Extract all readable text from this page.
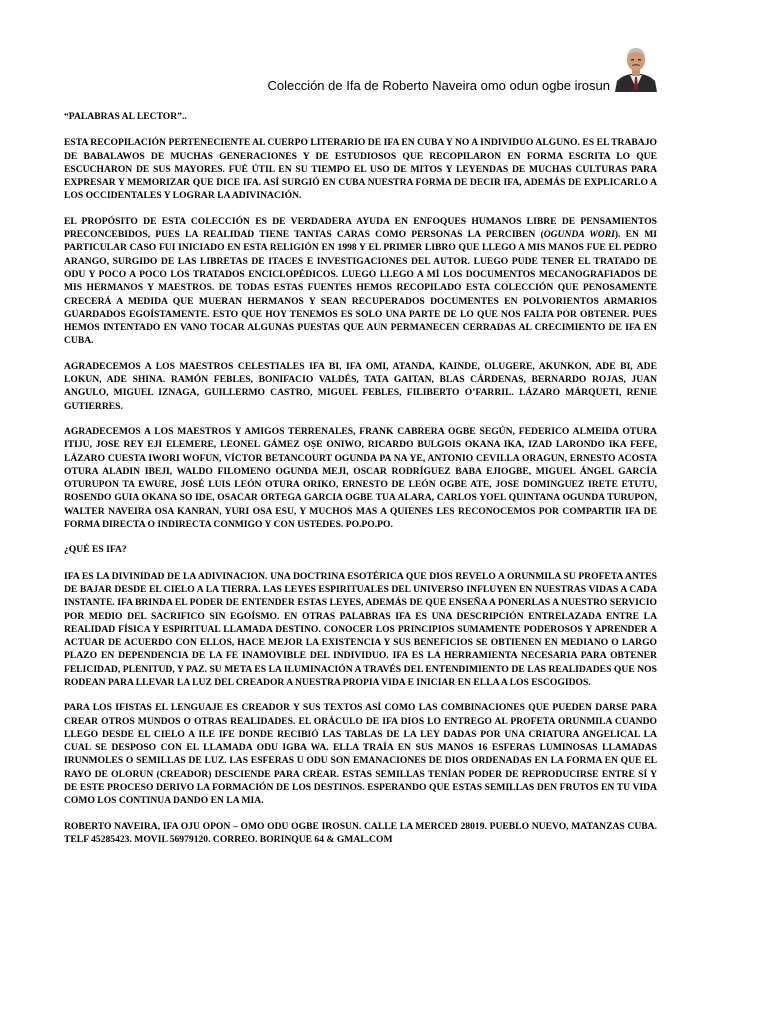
Colección de Ifa de Roberto Naveira omo odun ogbe irosun

“PALABRAS AL LECTOR”..

ESTA RECOPILACIÓN PERTENECIENTE AL CUERPO LITERARIO DE IFA EN CUBA Y NO A INDIVIDUO ALGUNO. ES EL TRABAJO DE BABALAWOS DE MUCHAS GENERACIONES Y DE ESTUDIOSOS QUE RECOPILARON EN FORMA ESCRITA LO QUE ESCUCHARON DE SUS MAYORES. FUÉ ÚTIL EN SU TIEMPO EL USO DE MITOS Y LEYENDAS DE MUCHAS CULTURAS PARA EXPRESAR Y MEMORIZAR QUE DICE IFA. ASÍ SURGIÓ EN CUBA NUESTRA FORMA DE DECIR IFA, ADEMÁS DE EXPLICARLO A LOS OCCIDENTALES Y LOGRAR LA ADIVINACIÓN.

EL PROPÓSITO DE ESTA COLECCIÓN ES DE VERDADERA AYUDA EN ENFOQUES HUMANOS LIBRE DE PENSAMIENTOS PRECONCEBIDOS, PUES LA REALIDAD TIENE TANTAS CARAS COMO PERSONAS LA PERCIBEN (OGUNDA WORI). EN MI PARTICULAR CASO FUI INICIADO EN ESTA RELIGIÓN EN 1998 Y EL PRIMER LIBRO QUE LLEGO A MIS MANOS FUE EL PEDRO ARANGO, SURGIDO DE LAS LIBRETAS DE ITACES E INVESTIGACIONES DEL AUTOR. LUEGO PUDE TENER EL TRATADO DE ODU Y POCO A POCO LOS TRATADOS ENCICLOPÉDICOS. LUEGO LLEGO A MÍ LOS DOCUMENTOS MECANOGRAFIADOS DE MIS HERMANOS Y MAESTROS. DE TODAS ESTAS FUENTES HEMOS RECOPILADO ESTA COLECCIÓN QUE PENOSAMENTE CRECERÁ A MEDIDA QUE MUERAN HERMANOS Y SEAN RECUPERADOS DOCUMENTES EN POLVORIENTOS ARMARIOS GUARDADOS EGOÍSTAMENTE. ESTO QUE HOY TENEMOS ES SOLO UNA PARTE DE LO QUE NOS FALTA POR OBTENER. PUES HEMOS INTENTADO EN VANO TOCAR ALGUNAS PUESTAS QUE AUN PERMANECEN CERRADAS AL CRECIMIENTO DE IFA EN CUBA.

AGRADECEMOS A LOS MAESTROS CELESTIALES IFA BI, IFA OMI, ATANDA, KAINDE, OLUGERE, AKUNKON, ADE BI, ADE LOKUN, ADE SHINA. RAMÓN FEBLES, BONIFACIO VALDÉS, TATA GAITAN, BLAS CÁRDENAS, BERNARDO ROJAS, JUAN ANGULO, MIGUEL IZNAGA, GUILLERMO CASTRO, MIGUEL FEBLES, FILIBERTO O’FARRIL. LÁZARO MÁRQUETI, RENIE GUTIERRES.

AGRADECEMOS A LOS MAESTROS Y AMIGOS TERRENALES, FRANK CABRERA OGBE SEGÚN, FEDERICO ALMEIDA OTURA ITIJU, JOSE REY EJI ELEMERE, LEONEL GÁMEZ OṢE ONIWO, RICARDO BULGOIS OKANA IKA, IZAD LARONDO IKA FEFE, LÁZARO CUESTA IWORI WOFUN, VÍCTOR BETANCOURT OGUNDA PA NA YE, ANTONIO CEVILLA ORAGUN, ERNESTO ACOSTA OTURA ALADIN IBEJI, WALDO FILOMENO OGUNDA MEJI, OSCAR RODRÍGUEZ BABA EJIOGBE, MIGUEL ÁNGEL GARCÍA OTURUPON TA EWURE, JOSÉ LUIS LEÓN OTURA ORIKO, ERNESTO DE LEÓN OGBE ATE, JOSE DOMINGUEZ IRETE ETUTU, ROSENDO GUIA OKANA SO IDE, OSACAR ORTEGA GARCIA OGBE TUA ALARA, CARLOS YOEL QUINTANA OGUNDA TURUPON, WALTER NAVEIRA OSA KANRAN, YURI OSA ESU, Y MUCHOS MAS A QUIENES LES RECONOCEMOS POR COMPARTIR IFA DE FORMA DIRECTA O INDIRECTA CONMIGO Y CON USTEDES. PO.PO.PO.

¿QUÉ ES IFA?

IFA ES LA DIVINIDAD DE LA ADIVINACION. UNA DOCTRINA ESOTÉRICA QUE DIOS REVELO A ORUNMILA SU PROFETA ANTES DE BAJAR DESDE EL CIELO A LA TIERRA. LAS LEYES ESPIRITUALES DEL UNIVERSO INFLUYEN EN NUESTRAS VIDAS A CADA INSTANTE. IFA BRINDA EL PODER DE ENTENDER ESTAS LEYES, ADEMÁS DE QUE ENSEÑA A PONERLAS A NUESTRO SERVICIO POR MEDIO DEL SACRIFICO SIN EGOÍSMO. EN OTRAS PALABRAS IFA ES UNA DESCRIPCIÓN ENTRELAZADA ENTRE LA REALIDAD FÍSICA Y ESPIRITUAL LLAMADA DESTINO. CONOCER LOS PRINCIPIOS SUMAMENTE PODEROSOS Y APRENDER A ACTUAR DE ACUERDO CON ELLOS, HACE MEJOR LA EXISTENCIA Y SUS BENEFICIOS SE OBTIENEN EN MEDIANO O LARGO PLAZO EN DEPENDENCIA DE LA FE INAMOVIBLE DEL INDIVIDUO. IFA ES LA HERRAMIENTA NECESARIA PARA OBTENER FELICIDAD, PLENITUD, Y PAZ. SU META ES LA ILUMINACIÓN A TRAVÉS DEL ENTENDIMIENTO DE LAS REALIDADES QUE NOS RODEAN PARA LLEVAR LA LUZ DEL CREADOR A NUESTRA PROPIA VIDA E INICIAR EN ELLA A LOS ESCOGIDOS.

PARA LOS IFISTAS EL LENGUAJE ES CREADOR Y SUS TEXTOS ASÍ COMO LAS COMBINACIONES QUE PUEDEN DARSE PARA CREAR OTROS MUNDOS O OTRAS REALIDADES. EL ORÁCULO DE IFA DIOS LO ENTREGO AL PROFETA ORUNMILA CUANDO LLEGO DESDE EL CIELO A ILE IFE DONDE RECIBIÓ LAS TABLAS DE LA LEY DADAS POR UNA CRIATURA ANGELICAL LA CUAL SE DESPOSO CON EL LLAMADA ODU IGBA WA. ELLA TRAÍA EN SUS MANOS 16 ESFERAS LUMINOSAS LLAMADAS IRUNMOLES O SEMILLAS DE LUZ. LAS ESFERAS U ODU SON EMANACIONES DE DIOS ORDENADAS EN LA FORMA EN QUE EL RAYO DE OLORUN (CREADOR) DESCIENDE PARA CREAR. ESTAS SEMILLAS TENÍAN PODER DE REPRODUCIRSE ENTRE SÍ Y DE ESTE PROCESO DERIVO LA FORMACIÓN DE LOS DESTINOS. ESPERANDO QUE ESTAS SEMILLAS DEN FRUTOS EN TU VIDA COMO LOS CONTINUA DANDO EN LA MIA.

ROBERTO NAVEIRA, IFA OJU OPON – OMO ODU OGBE IROSUN. CALLE LA MERCED 28019. PUEBLO NUEVO, MATANZAS CUBA. TELF 45285423. MOVIL 56979120. CORREO. BORINQUE 64 & GMAL.COM
